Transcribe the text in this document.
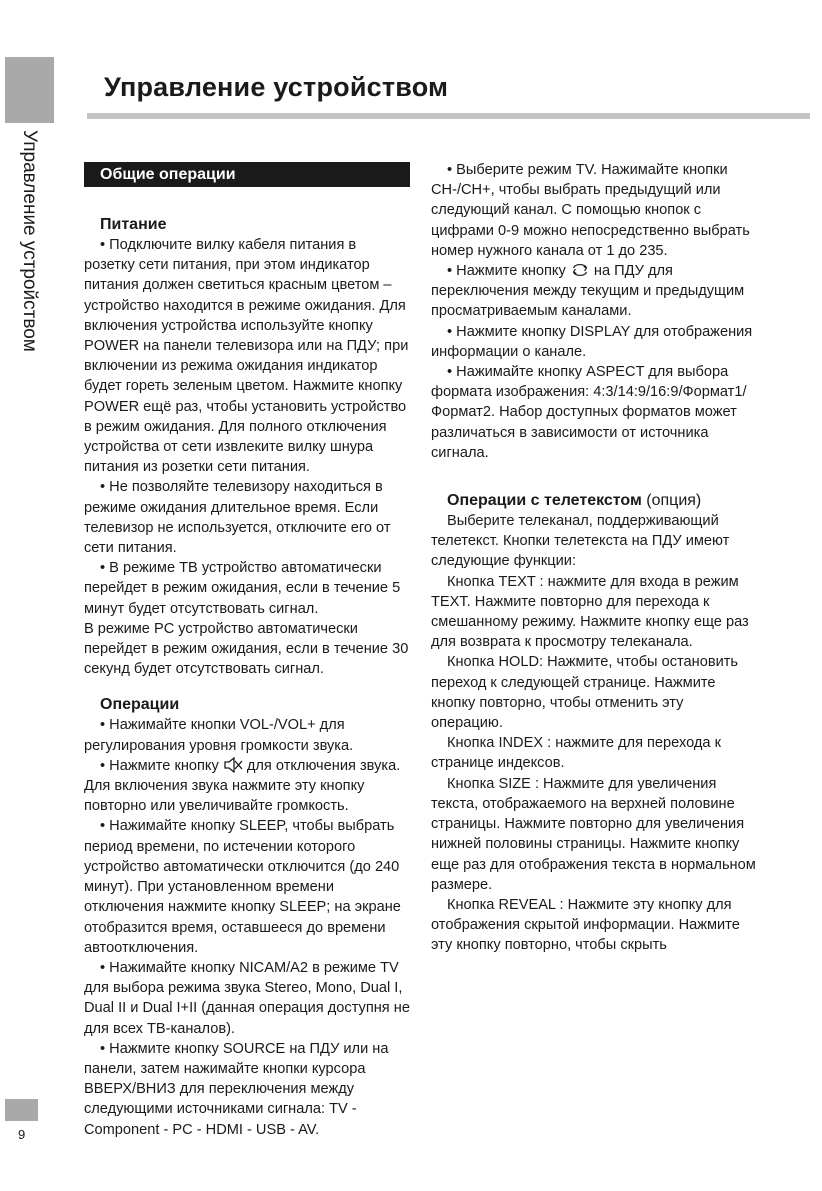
Управление устройством
Управление устройством
Общие операции
Питание

• Подключите вилку кабеля питания в розетку сети питания, при этом индикатор питания должен светиться красным цветом – устройство находится в режиме ожидания. Для включения устройства используйте кнопку POWER на панели телевизора или на ПДУ; при включении из режима ожидания индикатор будет гореть зеленым цветом. Нажмите кнопку POWER ещё раз, чтобы установить устройство в режим ожидания. Для полного отключения устройства от сети извлеките вилку шнура питания из розетки сети питания.

• Не позволяйте телевизору находиться в режиме ожидания длительное время. Если телевизор не используется, отключите его от сети питания.

• В режиме ТВ устройство автоматически перейдет в режим ожидания, если в течение 5 минут будет отсутствовать сигнал.

В режиме PC устройство автоматически перейдет в режим ожидания, если в течение 30 секунд будет отсутствовать сигнал.

Операции

• Нажимайте кнопки VOL-/VOL+ для регулирования уровня громкости звука.

• Нажмите кнопку для отключения звука. Для включения звука нажмите эту кнопку повторно или увеличивайте громкость.

• Нажимайте кнопку SLEEP, чтобы выбрать период времени, по истечении которого устройство автоматически отключится (до 240 минут). При установленном времени отключения нажмите кнопку SLEEP; на экране отобразится время, оставшееся до времени автоотключения.

• Нажимайте кнопку NICAM/A2 в режиме TV для выбора режима звука Stereo, Mono, Dual I, Dual II и Dual I+II (данная операция доступня не для всех ТВ-каналов).

• Нажмите кнопку SOURCE на ПДУ или на панели, затем нажимайте кнопки курсора ВВЕРХ/ВНИЗ для переключения между следующими источниками сигнала: TV - Component - PC - HDMI - USB - AV.

• Выберите режим TV. Нажимайте кнопки CH-/CH+, чтобы выбрать предыдущий или следующий канал. С помощью кнопок с цифрами 0-9 можно непосредственно выбрать номер нужного канала от 1 до 235.

• Нажмите кнопку на ПДУ для переключения между текущим и предыдущим просматриваемым каналами.

• Нажмите кнопку DISPLAY для отображения информации о канале.

• Нажимайте кнопку ASPECT для выбора формата изображения: 4:3/14:9/16:9/Формат1/Формат2. Набор доступных форматов может различаться в зависимости от источника сигнала.

Операции с телетекстом (опция)

Выберите телеканал, поддерживающий телетекст. Кнопки телетекста на ПДУ имеют следующие функции:

Кнопка TEXT : нажмите для входа в режим TEXT. Нажмите повторно для перехода к смешанному режиму. Нажмите кнопку еще раз для возврата к просмотру телеканала.

Кнопка HOLD: Нажмите, чтобы остановить переход к следующей странице. Нажмите кнопку повторно, чтобы отменить эту операцию.

Кнопка INDEX : нажмите для перехода к странице индексов.

Кнопка SIZE : Нажмите для увеличения текста, отображаемого на верхней половине страницы. Нажмите повторно для увеличения нижней половины страницы. Нажмите кнопку еще раз для отображения текста в нормальном размере.

Кнопка REVEAL : Нажмите эту кнопку для отображения скрытой информации. Нажмите эту кнопку повторно, чтобы скрыть

9
